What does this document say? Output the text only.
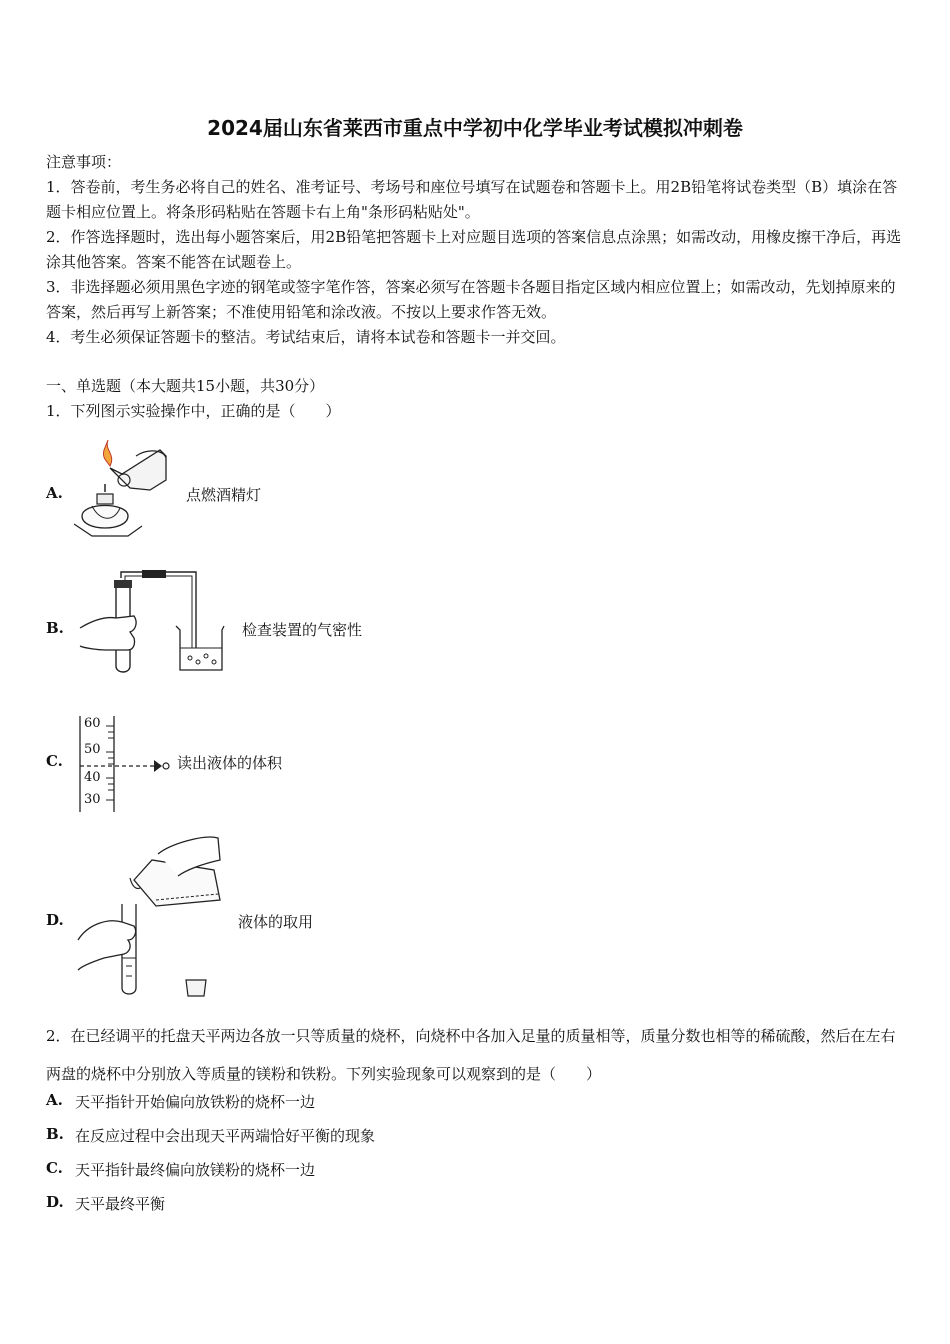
2024届山东省莱西市重点中学初中化学毕业考试模拟冲刺卷
注意事项：
1．答卷前，考生务必将自己的姓名、准考证号、考场号和座位号填写在试题卷和答题卡上。用2B铅笔将试卷类型（B）填涂在答题卡相应位置上。将条形码粘贴在答题卡右上角"条形码粘贴处"。
2．作答选择题时，选出每小题答案后，用2B铅笔把答题卡上对应题目选项的答案信息点涂黑；如需改动，用橡皮擦干净后，再选涂其他答案。答案不能答在试题卷上。
3．非选择题必须用黑色字迹的钢笔或签字笔作答，答案必须写在答题卡各题目指定区域内相应位置上；如需改动，先划掉原来的答案，然后再写上新答案；不准使用铅笔和涂改液。不按以上要求作答无效。
4．考生必须保证答题卡的整洁。考试结束后，请将本试卷和答题卡一并交回。
一、单选题（本大题共15小题，共30分）
1．下列图示实验操作中，正确的是（　　）
A.	点燃酒精灯
B.	检查装置的气密性
C.
60
50
40
30
读出液体的体积
D.	液体的取用
2．在已经调平的托盘天平两边各放一只等质量的烧杯，向烧杯中各加入足量的质量相等，质量分数也相等的稀硫酸，然后在左右两盘的烧杯中分别放入等质量的镁粉和铁粉。下列实验现象可以观察到的是（　　）
A. 天平指针开始偏向放铁粉的烧杯一边
B. 在反应过程中会出现天平两端恰好平衡的现象
C. 天平指针最终偏向放镁粉的烧杯一边
D. 天平最终平衡
